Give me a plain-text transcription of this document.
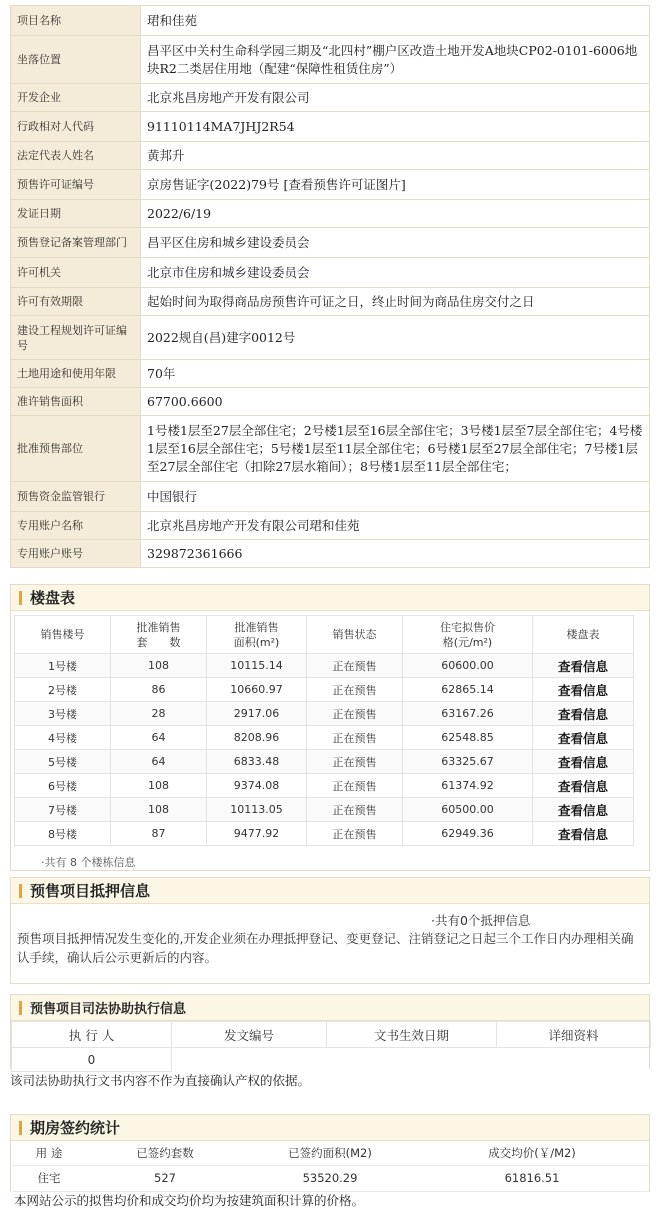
项目名称	珺和佳苑
坐落位置	昌平区中关村生命科学园三期及“北四村”棚户区改造土地开发A地块CP02-0101-6006地块R2二类居住用地（配建“保障性租赁住房”）
开发企业	北京兆昌房地产开发有限公司
行政相对人代码	91110114MA7JHJ2R54
法定代表人姓名	黄邦升
预售许可证编号	京房售证字(2022)79号 [查看预售许可证图片]
发证日期	2022/6/19
预售登记备案管理部门	昌平区住房和城乡建设委员会
许可机关	北京市住房和城乡建设委员会
许可有效期限	起始时间为取得商品房预售许可证之日，终止时间为商品住房交付之日
建设工程规划许可证编号	2022规自(昌)建字0012号
土地用途和使用年限	70年
准许销售面积	67700.6600
批准预售部位	1号楼1层至27层全部住宅；2号楼1层至16层全部住宅；3号楼1层至7层全部住宅；4号楼1层至16层全部住宅；5号楼1层至11层全部住宅；6号楼1层至27层全部住宅；7号楼1层至27层全部住宅（扣除27层水箱间）；8号楼1层至11层全部住宅；
预售资金监管银行	中国银行
专用账户名称	北京兆昌房地产开发有限公司珺和佳苑
专用账户账号	329872361666
楼盘表
销售楼号	批准销售套　　数	批准销售面积(m²)	销售状态	住宅拟售价格(元/m²)	楼盘表
1号楼	108	10115.14	正在预售	60600.00	查看信息
2号楼	86	10660.97	正在预售	62865.14	查看信息
3号楼	28	2917.06	正在预售	63167.26	查看信息
4号楼	64	8208.96	正在预售	62548.85	查看信息
5号楼	64	6833.48	正在预售	63325.67	查看信息
6号楼	108	9374.08	正在预售	61374.92	查看信息
7号楼	108	10113.05	正在预售	60500.00	查看信息
8号楼	87	9477.92	正在预售	62949.36	查看信息
·共有 8 个楼栋信息
预售项目抵押信息
·共有0个抵押信息
预售项目抵押情况发生变化的,开发企业须在办理抵押登记、变更登记、注销登记之日起三个工作日内办理相关确认手续，确认后公示更新后的内容。
预售项目司法协助执行信息
执 行 人	发文编号	文书生效日期	详细资料
0			
该司法协助执行文书内容不作为直接确认产权的依据。
期房签约统计
用 途	已签约套数	已签约面积(M2)	成交均价(￥/M2)
住宅	527	53520.29	61816.51
本网站公示的拟售均价和成交均价均为按建筑面积计算的价格。
